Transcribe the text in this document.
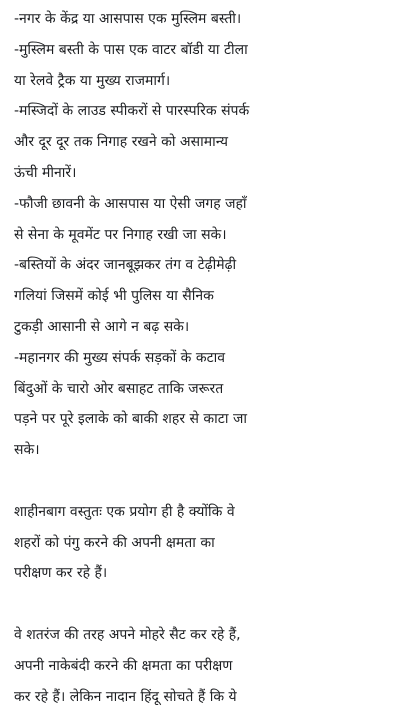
-नगर के केंद्र या आसपास एक मुस्लिम बस्ती।
-मुस्लिम बस्ती के पास एक वाटर बॉडी या टीला
या रेलवे ट्रैक या मुख्य राजमार्ग।
-मस्जिदों के लाउड स्पीकरों से पारस्परिक संपर्क
और दूर दूर तक निगाह रखने को असामान्य
ऊंची मीनारें।
-फौजी छावनी के आसपास या ऐसी जगह जहाँ
से सेना के मूवमेंट पर निगाह रखी जा सके।
-बस्तियों के अंदर जानबूझकर तंग व टेढ़ीमेढ़ी
गलियां जिसमें कोई भी पुलिस या सैनिक
टुकड़ी आसानी से आगे न बढ़ सके।
-महानगर की मुख्य संपर्क सड़कों के कटाव
बिंदुओं के चारो ओर बसाहट ताकि जरूरत
पड़ने पर पूरे इलाके को बाकी शहर से काटा जा
सके।
शाहीनबाग वस्तुतः एक प्रयोग ही है क्योंकि वे
शहरों को पंगु करने की अपनी क्षमता का
परीक्षण कर रहे हैं।
वे शतरंज की तरह अपने मोहरे सैट कर रहे हैं,
अपनी नाकेबंदी करने की क्षमता का परीक्षण
कर रहे हैं। लेकिन नादान हिंदू सोचते हैं कि ये
